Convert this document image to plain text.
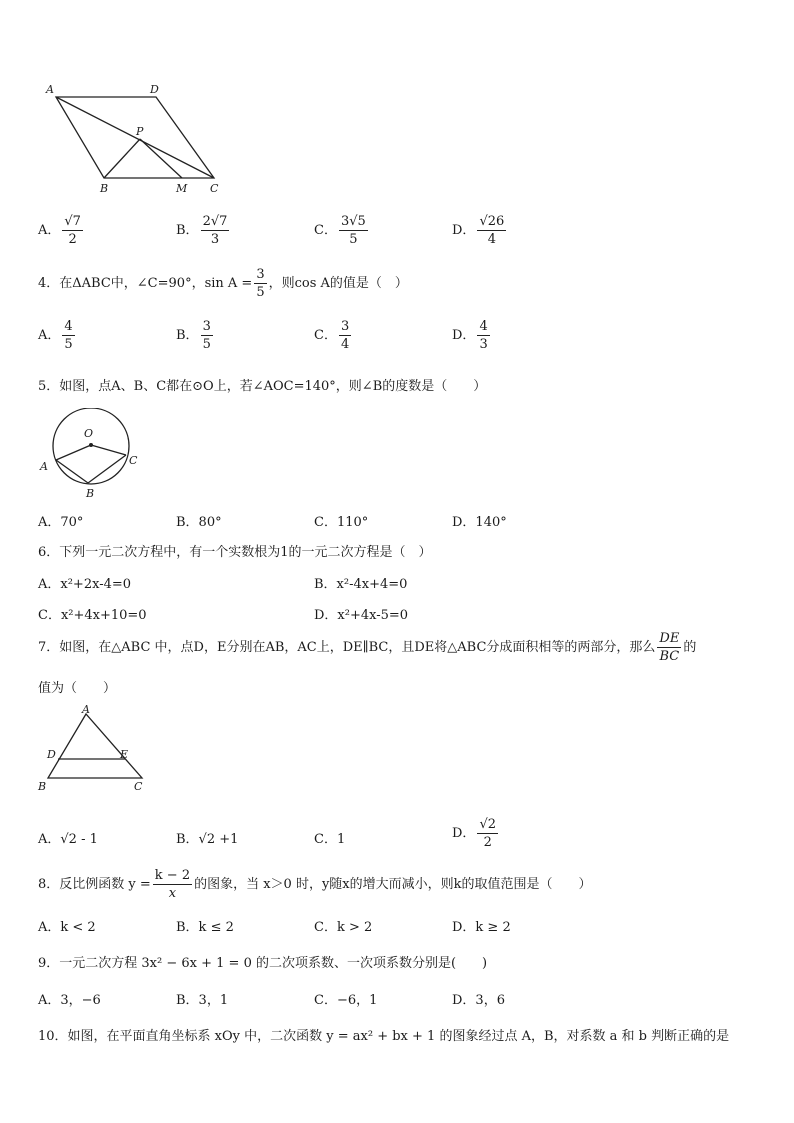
A	D
P
B	M C
A． $\frac{√7}{2}$	B． $\frac{2√7}{3}$	C． $\frac{3√5}{5}$	D． $\frac{√26}{4}$
4．在ΔABC中，∠C=90°，$\sin A = \frac{3}{5}$ ，则cos A的值是（　）
A． $\frac{4}{5}$	B． $\frac{3}{5}$	C． $\frac{3}{4}$	D． $\frac{4}{3}$
5．如图，点A、B、C都在⊙O上，若∠AOC=140°，则∠B的度数是（　　）
O
A
B
C
A．70°	B．80°	C．110°	D．140°
6．下列一元二次方程中，有一个实数根为1的一元二次方程是（　）
A．x²+2x-4=0	B．x²-4x+4=0
C．x²+4x+10=0	D．x²+4x-5=0
7．如图，在△ABC 中，点D，E分别在AB，AC上，DE∥BC，且DE将△ABC分成面积相等的两部分，那么 $\frac{DE}{BC}$ 的
值为（　　）
A
D	E
B	C
A．√2 - 1	B．√2 +1	C．1	D． $\frac{√2}{2}$
8．反比例函数 $y = \frac{k - 2}{x}$ 的图象，当 x＞0 时，y随x的增大而减小，则k的取值范围是（　　）
A．k < 2	B．k ≤ 2	C．k > 2	D．k ≥ 2
9．一元二次方程 3x² − 6x + 1 = 0 的二次项系数、一次项系数分别是(　　)
A．3，−6	B．3，1	C．−6，1	D．3，6
10．如图，在平面直角坐标系 xOy 中，二次函数 y = ax² + bx + 1 的图象经过点 A，B，对系数 a 和 b 判断正确的是
